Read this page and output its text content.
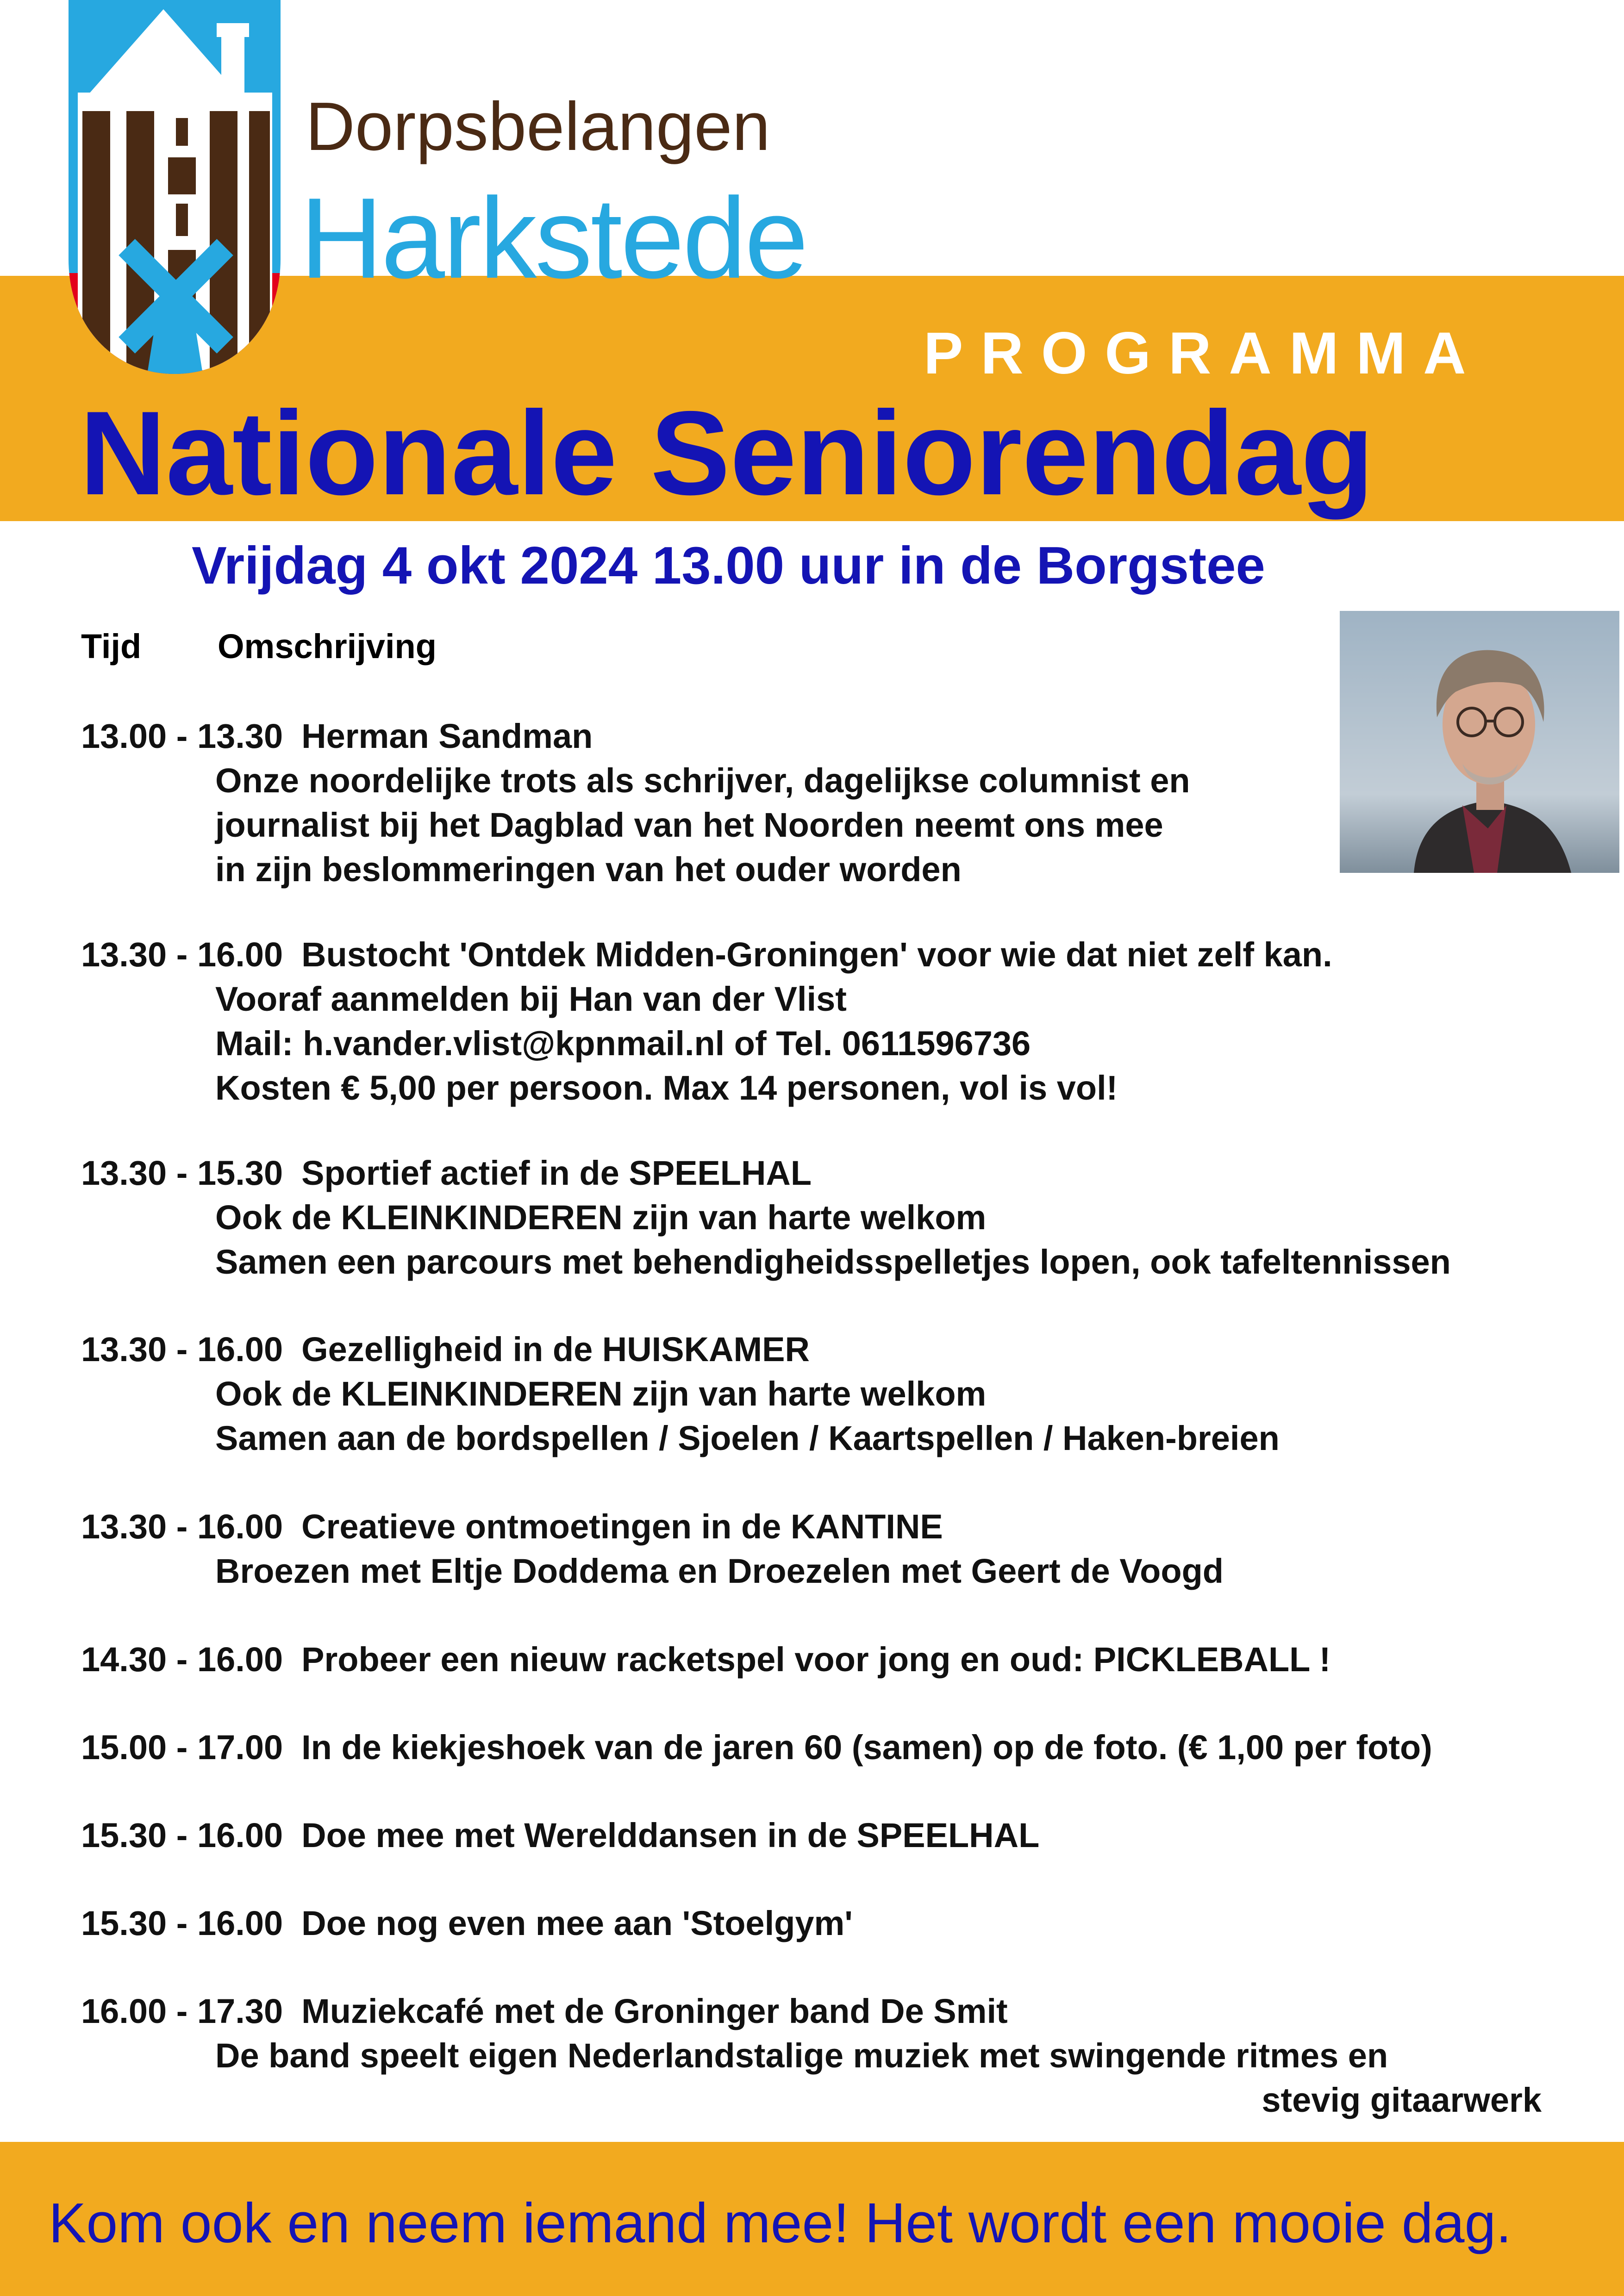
Dorpsbelangen
Harkstede
PROGRAMMA
Nationale Seniorendag
Vrijdag 4 okt 2024 13.00 uur in de Borgstee
Tijd Omschrijving
13.00 - 13.30 Herman Sandman
Onze noordelijke trots als schrijver, dagelijkse columnist en
journalist bij het Dagblad van het Noorden neemt ons mee
in zijn beslommeringen van het ouder worden
13.30 - 16.00 Bustocht 'Ontdek Midden-Groningen' voor wie dat niet zelf kan.
Vooraf aanmelden bij Han van der Vlist
Mail: h.vander.vlist@kpnmail.nl of Tel. 0611596736
Kosten € 5,00 per persoon. Max 14 personen, vol is vol!
13.30 - 15.30 Sportief actief in de SPEELHAL
Ook de KLEINKINDEREN zijn van harte welkom
Samen een parcours met behendigheidsspelletjes lopen, ook tafeltennissen
13.30 - 16.00 Gezelligheid in de HUISKAMER
Ook de KLEINKINDEREN zijn van harte welkom
Samen aan de bordspellen / Sjoelen / Kaartspellen / Haken-breien
13.30 - 16.00 Creatieve ontmoetingen in de KANTINE
Broezen met Eltje Doddema en Droezelen met Geert de Voogd
14.30 - 16.00 Probeer een nieuw racketspel voor jong en oud: PICKLEBALL !
15.00 - 17.00 In de kiekjeshoek van de jaren 60 (samen) op de foto. (€ 1,00 per foto)
15.30 - 16.00 Doe mee met Werelddansen in de SPEELHAL
15.30 - 16.00 Doe nog even mee aan 'Stoelgym'
16.00 - 17.30 Muziekcafé met de Groninger band De Smit
De band speelt eigen Nederlandstalige muziek met swingende ritmes en
stevig gitaarwerk
Kom ook en neem iemand mee! Het wordt een mooie dag.
